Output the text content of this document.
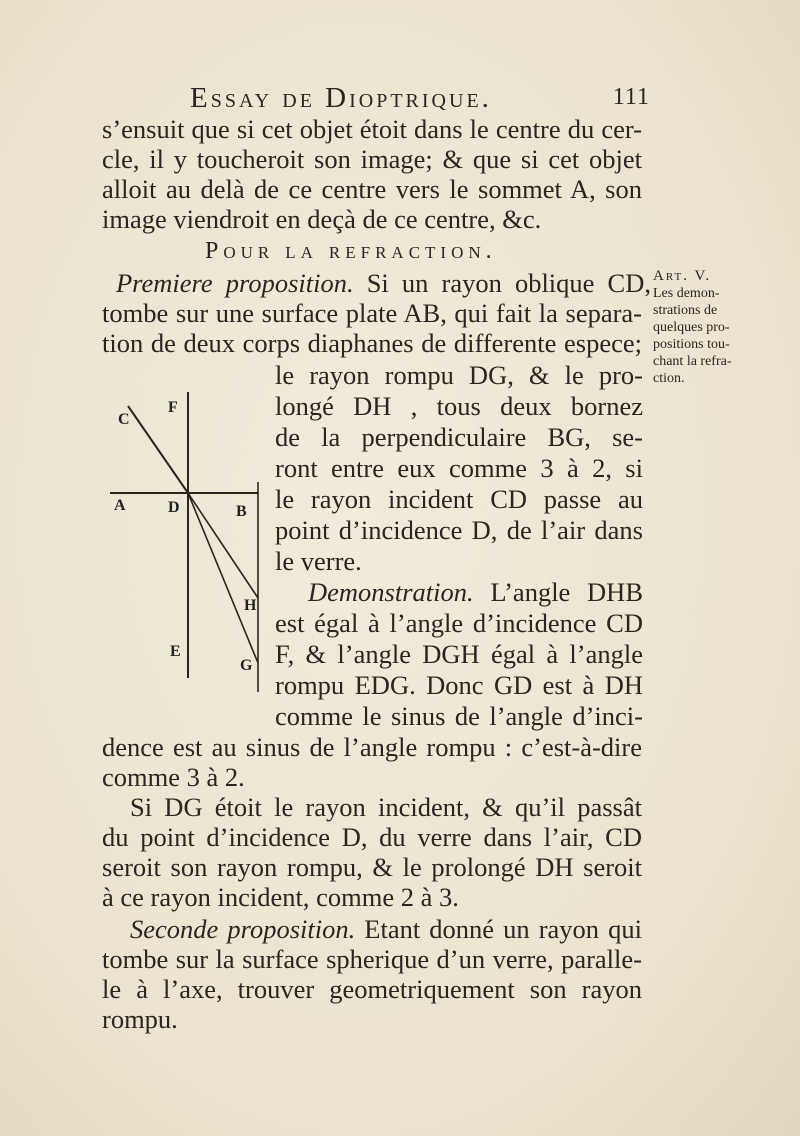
Essay de Dioptrique.	111
s’ensuit que si cet objet étoit dans le centre du cer-
cle, il y toucheroit son image; & que si cet objet
alloit au delà de ce centre vers le sommet A, son
image viendroit en deçà de ce centre, &c.
Pour la refraction.
Premiere proposition. Si un rayon oblique CD,
tombe sur une surface plate AB, qui fait la separa-
tion de deux corps diaphanes de differente espece;
le rayon rompu DG, & le pro-
longé DH , tous deux bornez
de la perpendiculaire BG, se-
ront entre eux comme 3 à 2, si
le rayon incident CD passe au
point d’incidence D, de l’air dans
le verre.
Demonstration. L’angle DHB
est égal à l’angle d’incidence CD
F, & l’angle DGH égal à l’angle
rompu EDG. Donc GD est à DH
comme le sinus de l’angle d’inci-
dence est au sinus de l’angle rompu : c’est-à-dire
comme 3 à 2.
Si DG étoit le rayon incident, & qu’il passât
du point d’incidence D, du verre dans l’air, CD
seroit son rayon rompu, & le prolongé DH seroit
à ce rayon incident, comme 2 à 3.
Seconde proposition. Etant donné un rayon qui
tombe sur la surface spherique d’un verre, paralle-
le à l’axe, trouver geometriquement son rayon
rompu.
Art. V.
Les demon-
strations de
quelques pro-
positions tou-
chant la refra-
ction.
C
F
A	D	B
H
E
G
